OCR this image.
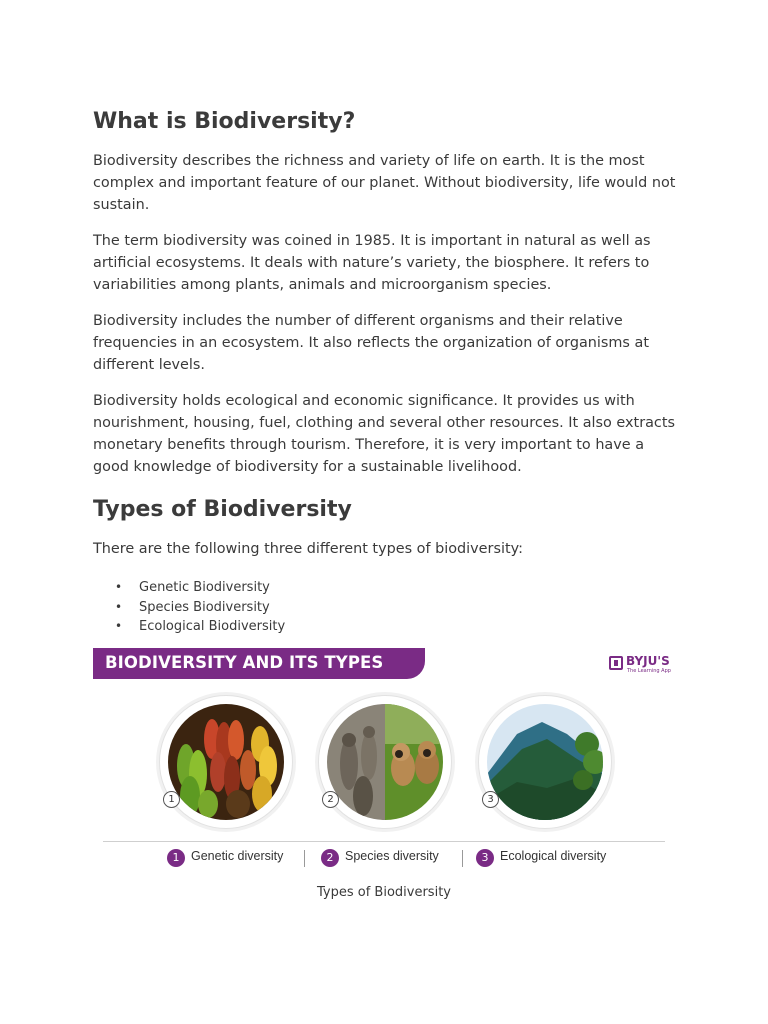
What is Biodiversity?

Biodiversity describes the richness and variety of life on earth. It is the most complex and important feature of our planet. Without biodiversity, life would not sustain.

The term biodiversity was coined in 1985. It is important in natural as well as artificial ecosystems. It deals with nature’s variety, the biosphere. It refers to variabilities among plants, animals and microorganism species.

Biodiversity includes the number of different organisms and their relative frequencies in an ecosystem. It also reflects the organization of organisms at different levels.

Biodiversity holds ecological and economic significance. It provides us with nourishment, housing, fuel, clothing and several other resources. It also extracts monetary benefits through tourism. Therefore, it is very important to have a good knowledge of biodiversity for a sustainable livelihood.

Types of Biodiversity

There are the following three different types of biodiversity:

• Genetic Biodiversity
• Species Biodiversity
• Ecological Biodiversity
BIODIVERSITY AND ITS TYPES	BYJU'S
The Learning App
1	2	3
1 Genetic diversity	2 Species diversity	3 Ecological diversity
Types of Biodiversity
